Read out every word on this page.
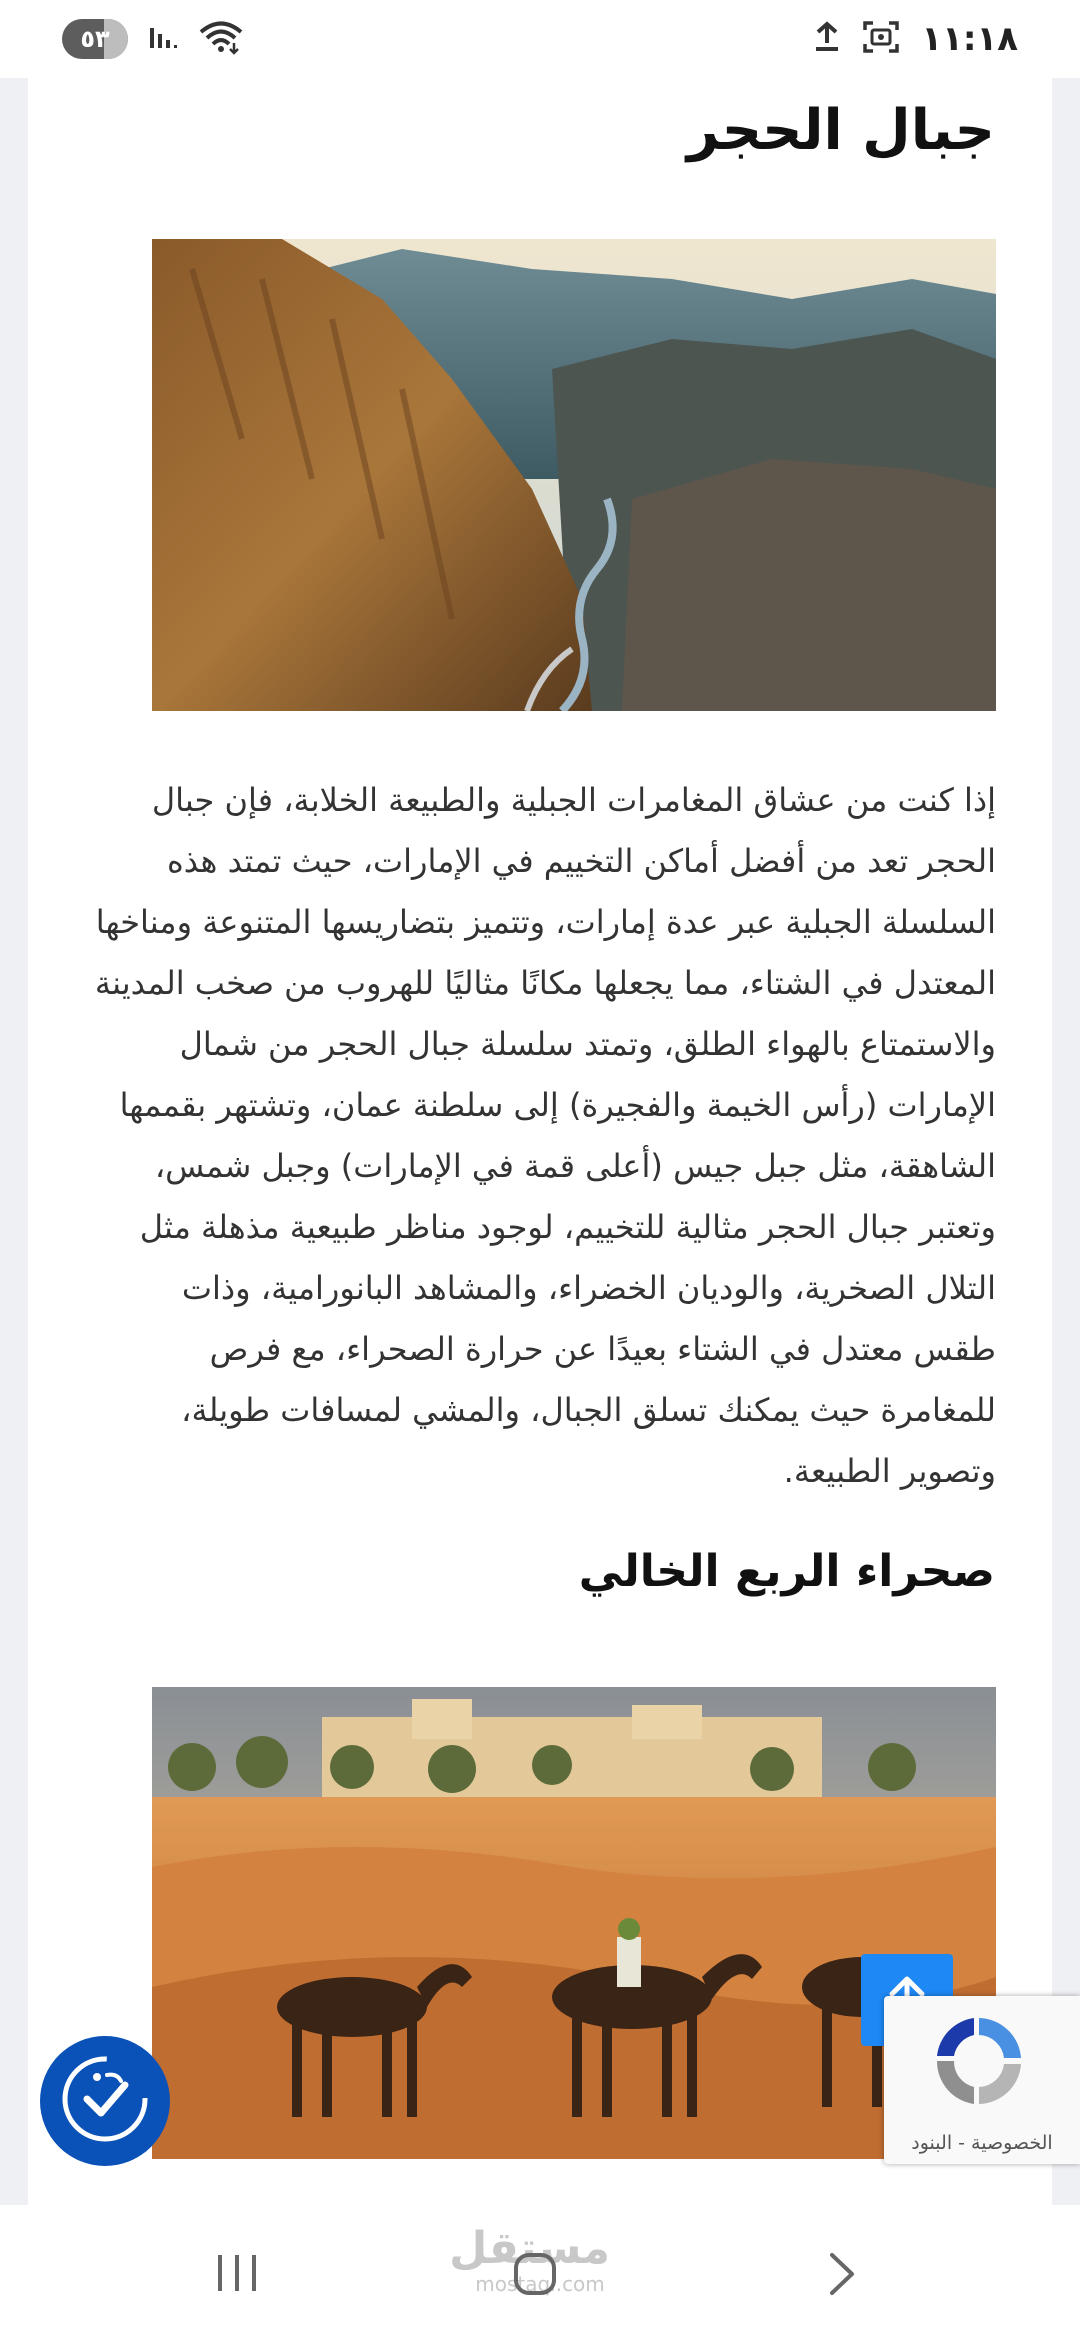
٥٣	١١:١٨
جبال الحجر

إذا كنت من عشاق المغامرات الجبلية والطبيعة الخلابة، فإن جبال الحجر تعد من أفضل أماكن التخييم في الإمارات، حيث تمتد هذه السلسلة الجبلية عبر عدة إمارات، وتتميز بتضاريسها المتنوعة ومناخها المعتدل في الشتاء، مما يجعلها مكانًا مثاليًا للهروب من صخب المدينة والاستمتاع بالهواء الطلق، وتمتد سلسلة جبال الحجر من شمال الإمارات (رأس الخيمة والفجيرة) إلى سلطنة عمان، وتشتهر بقممها الشاهقة، مثل جبل جيس (أعلى قمة في الإمارات) وجبل شمس، وتعتبر جبال الحجر مثالية للتخييم، لوجود مناظر طبيعية مذهلة مثل التلال الصخرية، والوديان الخضراء، والمشاهد البانورامية، وذات طقس معتدل في الشتاء بعيدًا عن حرارة الصحراء، مع فرص للمغامرة حيث يمكنك تسلق الجبال، والمشي لمسافات طويلة، وتصوير الطبيعة.

صحراء الربع الخالي
الخصوصية - البنود
مستقل
mostaql.com
